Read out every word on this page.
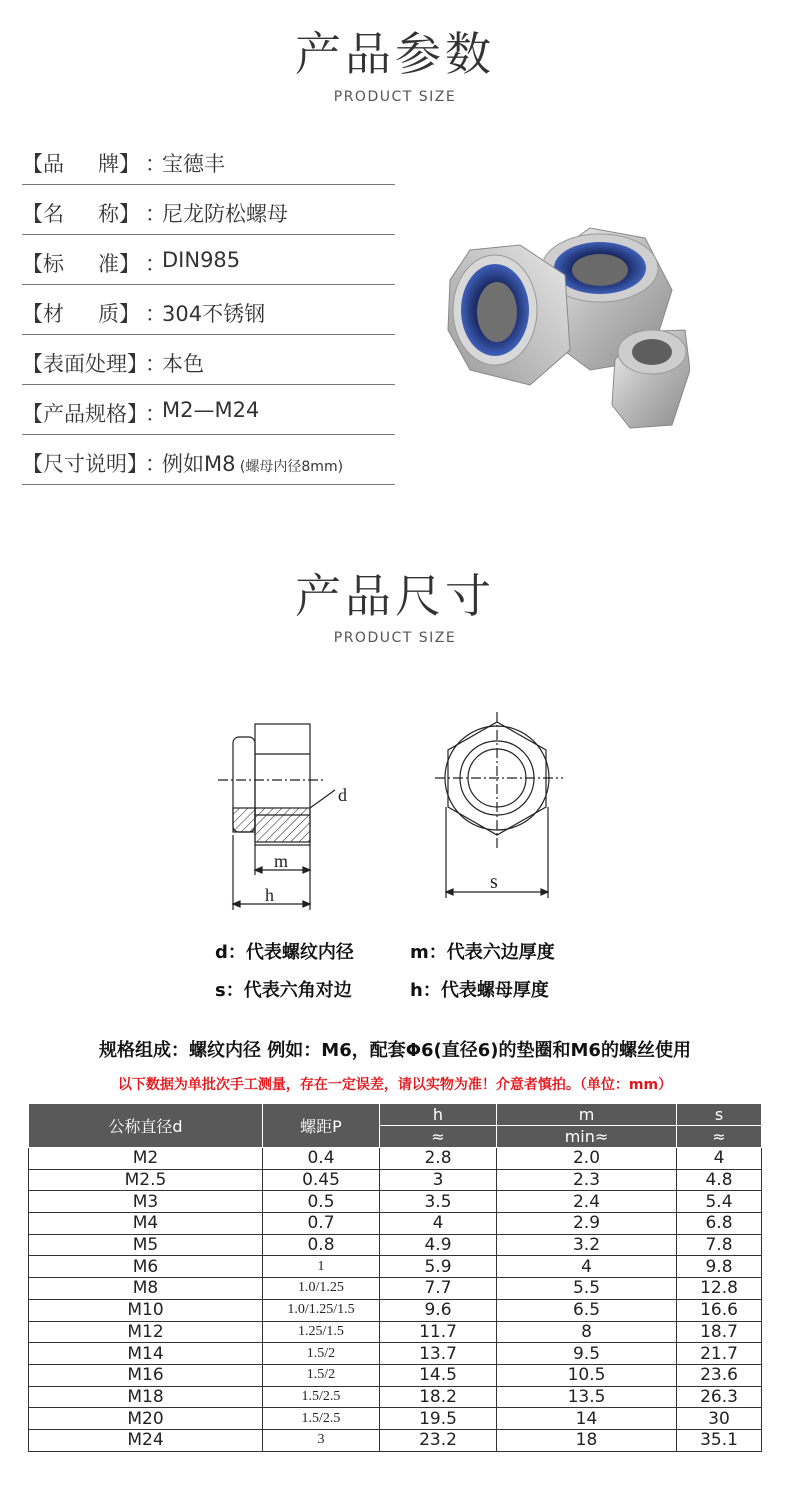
产品参数
PRODUCT SIZE
【品 牌】 ：
宝德丰
【名 称】 ：
尼龙防松螺母
【标 准】 ：
DIN985
【材 质】 ：
304不锈钢
【表面处理】
：
本色
【产品规格】
：
M2—M24
【尺寸说明】
：
例如M8 (螺母内径8mm)
产品尺寸
PRODUCT SIZE
d
m
h
s
d：代表螺纹内径	m：代表六边厚度
s：代表六角对边	h：代表螺母厚度
规格组成：螺纹内径 例如：M6，配套Φ6(直径6)的垫圈和M6的螺丝使用
以下数据为单批次手工测量，存在一定误差，请以实物为准！介意者慎拍。（单位：mm）
公称直径d	螺距P	h	m	s
		≈	min≈	≈
M2	0.4	2.8	2.0	4
M2.5	0.45	3	2.3	4.8
M3	0.5	3.5	2.4	5.4
M4	0.7	4	2.9	6.8
M5	0.8	4.9	3.2	7.8
M6	1	5.9	4	9.8
M8	1.0/1.25	7.7	5.5	12.8
M10	1.0/1.25/1.5	9.6	6.5	16.6
M12	1.25/1.5	11.7	8	18.7
M14	1.5/2	13.7	9.5	21.7
M16	1.5/2	14.5	10.5	23.6
M18	1.5/2.5	18.2	13.5	26.3
M20	1.5/2.5	19.5	14	30
M24	3	23.2	18	35.1
